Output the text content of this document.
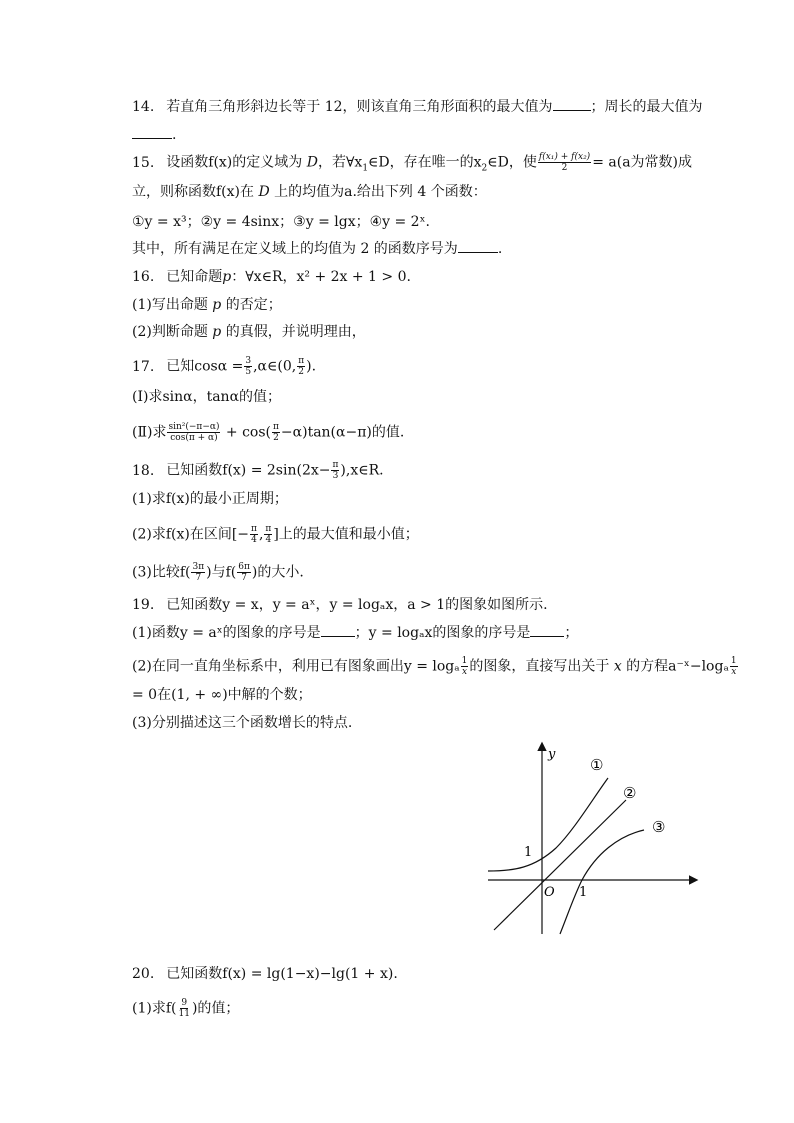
14. 若直角三角形斜边长等于 12，则该直角三角形面积的最大值为	；周长的最大值为
.
15. 设函数f(x)的定义域为 D，若$\forall x_1\in D$，存在唯一的$x_2\in D$，使 $\frac{\text{f(x₁) + f(x₂)}}{2} = a(a$为常数)成
立，则称函数f(x)在 D 上的均值为a.给出下列 4 个函数：
①y = x³；②y = 4sinx；③y = lgx；④y = 2ˣ.
其中，所有满足在定义域上的均值为 2 的函数序号为	.
16. 已知命题p：∀x∈R，x² + 2x + 1 > 0.
(1)写出命题 p 的否定；
(2)判断命题 p 的真假，并说明理由，
17. 已知$\cos\alpha = \frac{3}{5}$ ,α∈(0, $\frac{\pi}{2}$ ).
(Ⅰ)求sinα，tanα的值；
(Ⅱ)求 $\frac{\text{sin²(−π−α)}}{\cos(\pi + \alpha)} + \cos( \frac{\pi}{2} -\alpha)\tan(\alpha-\pi)$的值.
18. 已知函数$f(x) = 2\sin(2x- \frac{\pi}{3}$ ),x∈R.
(1)求f(x)的最小正周期；
(2)求f(x)在区间[− $\frac{\pi}{4}$ , $\frac{\pi}{4}$ ]上的最大值和最小值；
(3)比较$f( \frac{3\pi}{7}$ )与$f( \frac{6\pi}{7}$ )的大小.
19. 已知函数y = x，y = aˣ，y = logₐx，a > 1的图象如图所示.
(1)函数y = aˣ的图象的序号是 ；y = logₐx的图象的序号是 ；
(2)在同一直角坐标系中，利用已有图象画出y = logₐ $\frac{1}{x}$ 的图象，直接写出关于 x 的方程a⁻ˣ−logₐ $\frac{1}{x}$
= 0在(1, + ∞)中解的个数；
(3)分别描述这三个函数增长的特点.
y
O
1
1
①
②
③
20. 已知函数f(x) = lg(1−x)−lg(1 + x).
(1)求$f( \frac{9}{11}$ )的值；
